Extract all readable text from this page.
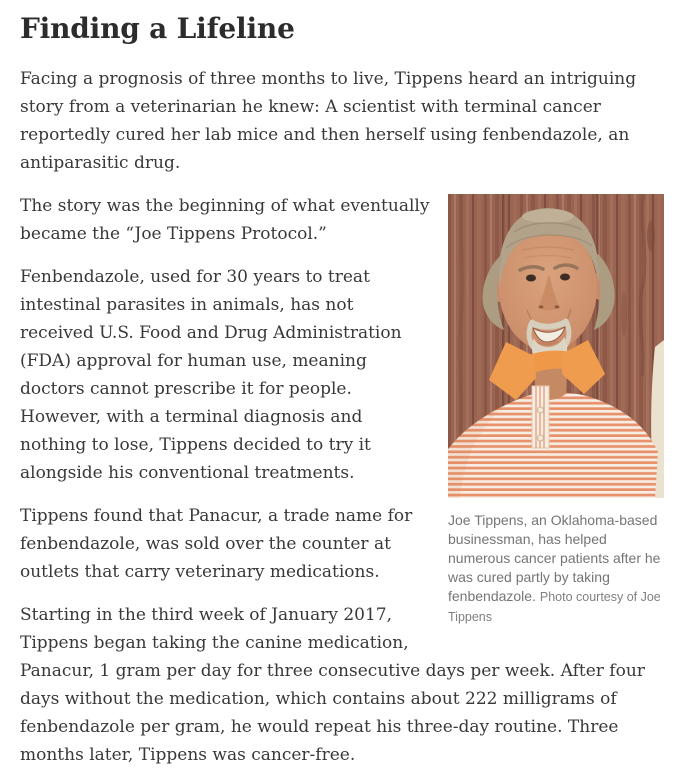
Finding a Lifeline

Facing a prognosis of three months to live, Tippens heard an intriguing story from a veterinarian he knew: A scientist with terminal cancer reportedly cured her lab mice and then herself using fenbendazole, an antiparasitic drug.

Joe Tippens, an Oklahoma-based businessman, has helped numerous cancer patients after he was cured partly by taking fenbendazole. Photo courtesy of Joe Tippens

The story was the beginning of what eventually became the “Joe Tippens Protocol.”

Fenbendazole, used for 30 years to treat intestinal parasites in animals, has not received U.S. Food and Drug Administration (FDA) approval for human use, meaning doctors cannot prescribe it for people. However, with a terminal diagnosis and nothing to lose, Tippens decided to try it alongside his conventional treatments.

Tippens found that Panacur, a trade name for fenbendazole, was sold over the counter at outlets that carry veterinary medications.

Starting in the third week of January 2017, Tippens began taking the canine medication, Panacur, 1 gram per day for three consecutive days per week. After four days without the medication, which contains about 222 milligrams of fenbendazole per gram, he would repeat his three-day routine. Three months later, Tippens was cancer-free.
